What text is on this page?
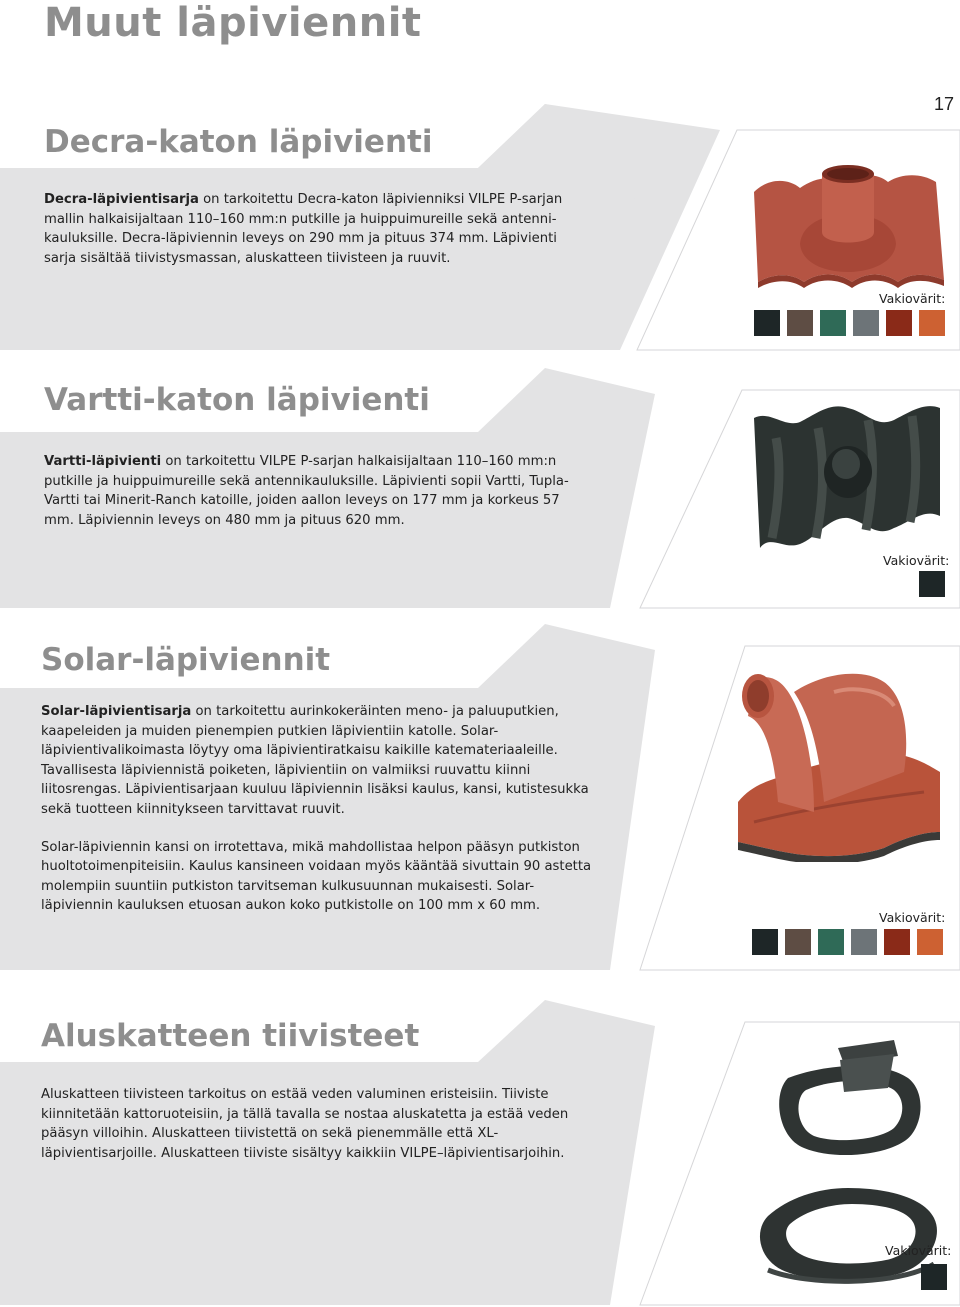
Muut läpiviennit
17
Decra-katon läpivienti

Decra-läpivientisarja on tarkoitettu Decra-katon läpivienniksi VILPE P-sarjan mallin halkaisijaltaan 110–160 mm:n putkille ja huippuimureille sekä antennikauluksille. Decra-läpiviennin leveys on 290 mm ja pituus 374 mm. Läpivienti sarja sisältää tiivistysmassan, aluskatteen tiivisteen ja ruuvit.

Vakiovärit:
Vartti-katon läpivienti

Vartti-läpivienti on tarkoitettu VILPE P-sarjan halkaisijaltaan 110–160 mm:n putkille ja huippuimureille sekä antennikauluksille. Läpivienti sopii Vartti, Tupla-Vartti tai Minerit-Ranch katoille, joiden aallon leveys on 177 mm ja korkeus 57 mm. Läpiviennin leveys on 480 mm ja pituus 620 mm.

Vakiovärit:
Solar-läpiviennit

Solar-läpivientisarja on tarkoitettu aurinkokeräinten meno- ja paluuputkien, kaapeleiden ja muiden pienempien putkien läpivientiin katolle. Solar-läpivientivalikoimasta löytyy oma läpivientiratkaisu kaikille katemateriaaleille. Tavallisesta läpiviennistä poiketen, läpivientiin on valmiiksi ruuvattu kiinni liitosrengas. Läpivientisarjaan kuuluu läpiviennin lisäksi kaulus, kansi, kutistesukka sekä tuotteen kiinnitykseen tarvittavat ruuvit.

Solar-läpiviennin kansi on irrotettava, mikä mahdollistaa helpon pääsyn putkiston huoltotoimenpiteisiin. Kaulus kansineen voidaan myös kääntää sivuttain 90 astetta molempiin suuntiin putkiston tarvitseman kulkusuunnan mukaisesti. Solar-läpiviennin kauluksen etuosan aukon koko putkistolle on 100 mm x 60 mm.

Vakiovärit:
Aluskatteen tiivisteet

Aluskatteen tiivisteen tarkoitus on estää veden valuminen eristeisiin. Tiiviste kiinnitetään kattoruoteisiin, ja tällä tavalla se nostaa aluskatetta ja estää veden pääsyn villoihin. Aluskatteen tiivistettä on sekä pienemmälle että XL-läpivientisarjoille. Aluskatteen tiiviste sisältyy kaikkiin VILPE–läpivientisarjoihin.

Vakiovärit:
